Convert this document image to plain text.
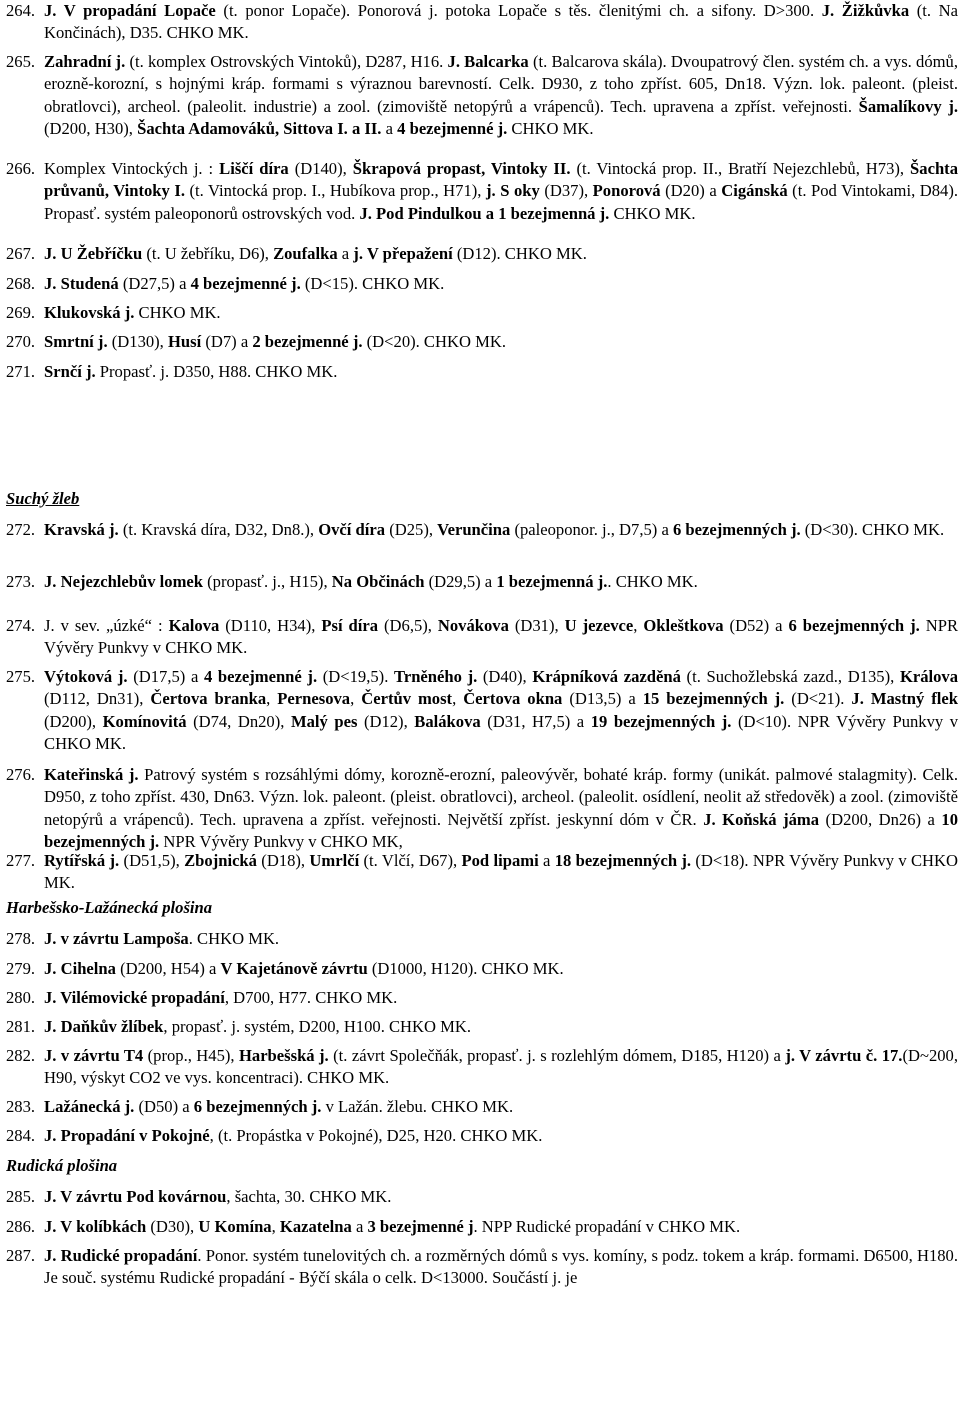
264. J. V propadání Lopače (t. ponor Lopače). Ponorová j. potoka Lopače s těs. členitými ch. a sifony. D>300. J. Žižkůvka (t. Na Končinách), D35. CHKO MK.
265. Zahradní j. (t. komplex Ostrovských Vintoků), D287, H16. J. Balcarka (t. Balcarova skála). Dvoupatrový člen. systém ch. a vys. dómů, erozně-korozní, s hojnými kráp. formami s výraznou barevností. Celk. D930, z toho zpříst. 605, Dn18. Význ. lok. paleont. (pleist. obratlovci), archeol. (paleolit. industrie) a zool. (zimoviště netopýrů a vrápenců). Tech. upravena a zpříst. veřejnosti. Šamalíkovy j. (D200, H30), Šachta Adamováků, Sittova I. a II. a 4 bezejmenné j. CHKO MK.
266. Komplex Vintockých j. : Liščí díra (D140), Škrapová propast, Vintoky II. (t. Vintocká prop. II., Bratří Nejezchlebů, H73), Šachta průvanů, Vintoky I. (t. Vintocká prop. I., Hubíkova prop., H71), j. S oky (D37), Ponorová (D20) a Cigánská (t. Pod Vintokami, D84). Propasť. systém paleoponorů ostrovských vod. J. Pod Pindulkou a 1 bezejmenná j. CHKO MK.
267. J. U Žebříčku (t. U žebříku, D6), Zoufalka a j. V přepažení (D12). CHKO MK.
268. J. Studená (D27,5) a 4 bezejmenné j. (D<15). CHKO MK.
269. Klukovská j. CHKO MK.
270. Smrtní j. (D130), Husí (D7) a 2 bezejmenné j. (D<20). CHKO MK.
271. Srnčí j. Propasť. j. D350, H88. CHKO MK.
Suchý žleb
272. Kravská j. (t. Kravská díra, D32, Dn8.), Ovčí díra (D25), Verunčina (paleoponor. j., D7,5) a 6 bezejmenných j. (D<30). CHKO MK.
273. J. Nejezchlebův lomek (propasť. j., H15), Na Občinách (D29,5) a 1 bezejmenná j.. CHKO MK.
274. J. v sev. „úzké“ : Kalova (D110, H34), Psí díra (D6,5), Novákova (D31), U jezevce, Okleštkova (D52) a 6 bezejmenných j. NPR Vývěry Punkvy v CHKO MK.
275. Výtoková j. (D17,5) a 4 bezejmenné j. (D<19,5). Trněného j. (D40), Krápníková zazděná (t. Suchožlebská zazd., D135), Králova (D112, Dn31), Čertova branka, Pernesova, Čertův most, Čertova okna (D13,5) a 15 bezejmenných j. (D<21). J. Mastný flek (D200), Komínovitá (D74, Dn20), Malý pes (D12), Balákova (D31, H7,5) a 19 bezejmenných j. (D<10). NPR Vývěry Punkvy v CHKO MK.
276. Kateřinská j. Patrový systém s rozsáhlými dómy, korozně-erozní, paleovývěr, bohaté kráp. formy (unikát. palmové stalagmity). Celk. D950, z toho zpříst. 430, Dn63. Význ. lok. paleont. (pleist. obratlovci), archeol. (paleolit. osídlení, neolit až středověk) a zool. (zimoviště netopýrů a vrápenců). Tech. upravena a zpříst. veřejnosti. Největší zpříst. jeskynní dóm v ČR. J. Koňská jáma (D200, Dn26) a 10 bezejmenných j. NPR Vývěry Punkvy v CHKO MK,
277. Rytířská j. (D51,5), Zbojnická (D18), Umrlčí (t. Vlčí, D67), Pod lipami a 18 bezejmenných j. (D<18). NPR Vývěry Punkvy v CHKO MK.
Harbešsko-Lažánecká plošina
278. J. v závrtu Lampoša. CHKO MK.
279. J. Cihelna (D200, H54) a V Kajetánově závrtu (D1000, H120). CHKO MK.
280. J. Vilémovické propadání, D700, H77. CHKO MK.
281. J. Daňkův žlíbek, propasť. j. systém, D200, H100. CHKO MK.
282. J. v závrtu T4 (prop., H45), Harbešská j. (t. závrt Společňák, propasť. j. s rozlehlým dómem, D185, H120) a j. V závrtu č. 17.(D~200, H90, výskyt CO2 ve vys. koncentraci). CHKO MK.
283. Lažánecká j. (D50) a 6 bezejmenných j. v Lažán. žlebu. CHKO MK.
284. J. Propadání v Pokojné, (t. Propástka v Pokojné), D25, H20. CHKO MK.
Rudická plošina
285. J. V závrtu Pod kovárnou, šachta, 30. CHKO MK.
286. J. V kolíbkách (D30), U Komína, Kazatelna a 3 bezejmenné j. NPP Rudické propadání v CHKO MK.
287. J. Rudické propadání. Ponor. systém tunelovitých ch. a rozměrných dómů s vys. komíny, s podz. tokem a kráp. formami. D6500, H180. Je souč. systému Rudické propadání - Býčí skála o celk. D<13000. Součástí j. je
